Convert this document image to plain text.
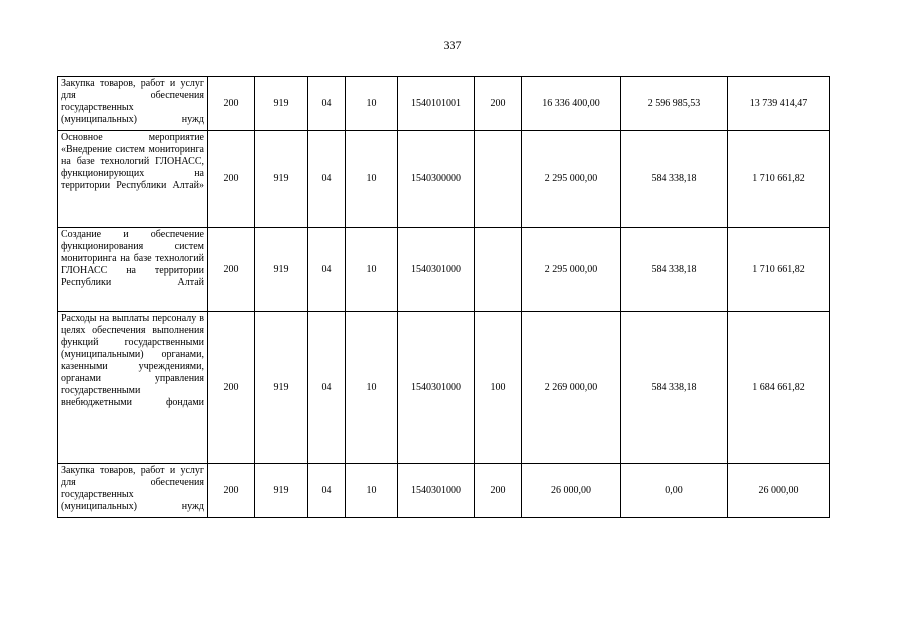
337
Закупка товаров, работ и услуг для обеспечения государственных (муниципальных) нужд	200	919	04	10	1540101001	200	16 336 400,00	2 596 985,53	13 739 414,47
Основное мероприятие «Внедрение систем мониторинга на базе технологий ГЛОНАСС, функционирующих на территории Республики Алтай»	200	919	04	10	1540300000		2 295 000,00	584 338,18	1 710 661,82
Создание и обеспечение функционирования систем мониторинга на базе технологий ГЛОНАСС на территории Республики Алтай	200	919	04	10	1540301000		2 295 000,00	584 338,18	1 710 661,82
Расходы на выплаты персоналу в целях обеспечения выполнения функций государственными (муниципальными) органами, казенными учреждениями, органами управления государственными внебюджетными фондами	200	919	04	10	1540301000	100	2 269 000,00	584 338,18	1 684 661,82
Закупка товаров, работ и услуг для обеспечения государственных (муниципальных) нужд	200	919	04	10	1540301000	200	26 000,00	0,00	26 000,00
